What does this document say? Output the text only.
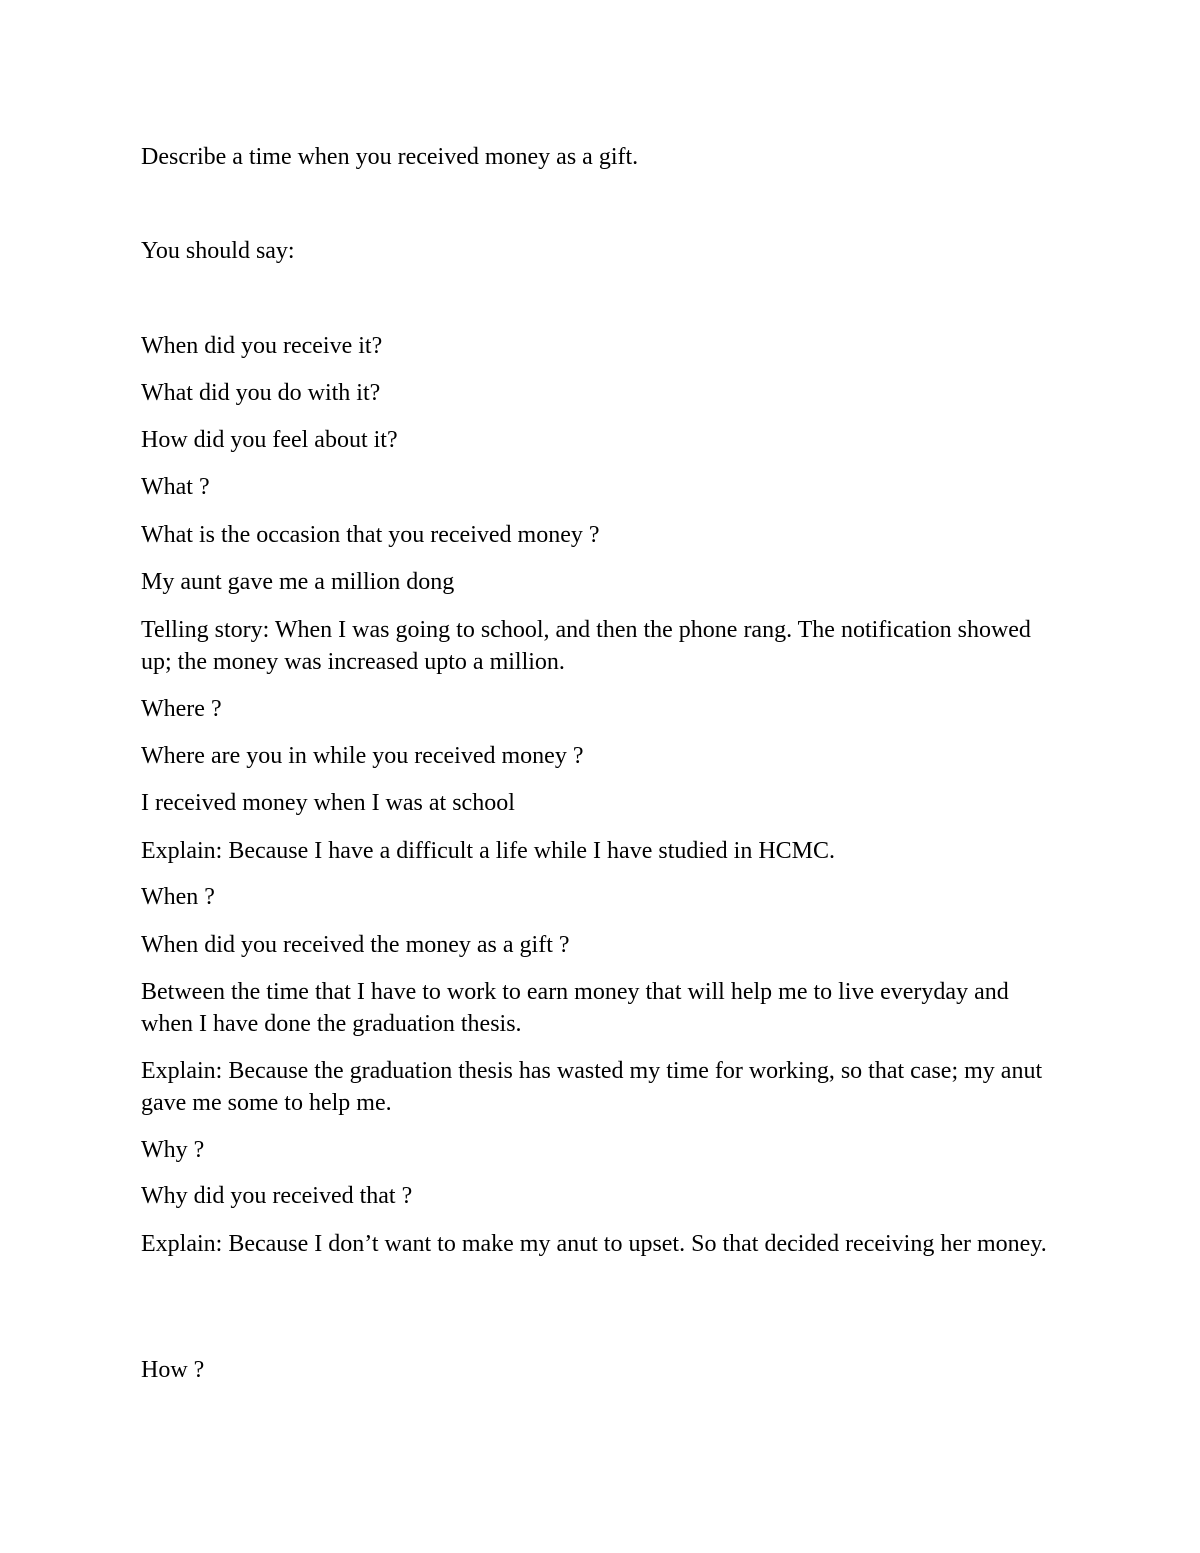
Describe a time when you received money as a gift.

You should say:

When did you receive it?

What did you do with it?

How did you feel about it?

What ?

What is the occasion that you received money ?

My aunt gave me a million dong

Telling story: When I was going to school, and then the phone rang. The notification showed up; the money was increased upto a million.

Where ?

Where are you in while you received money ?

I received money when I was at school

Explain: Because I have a difficult a life while I have studied in HCMC.

When ?

When did you received the money as a gift ?

Between the time that I have to work to earn money that will help me to live everyday and when I have done the graduation thesis.

Explain: Because the graduation thesis has wasted my time for working, so that case; my anut gave me some to help me.

Why ?

Why did you received that ?

Explain: Because I don’t want to make my anut to upset. So that decided receiving her money.

How ?
